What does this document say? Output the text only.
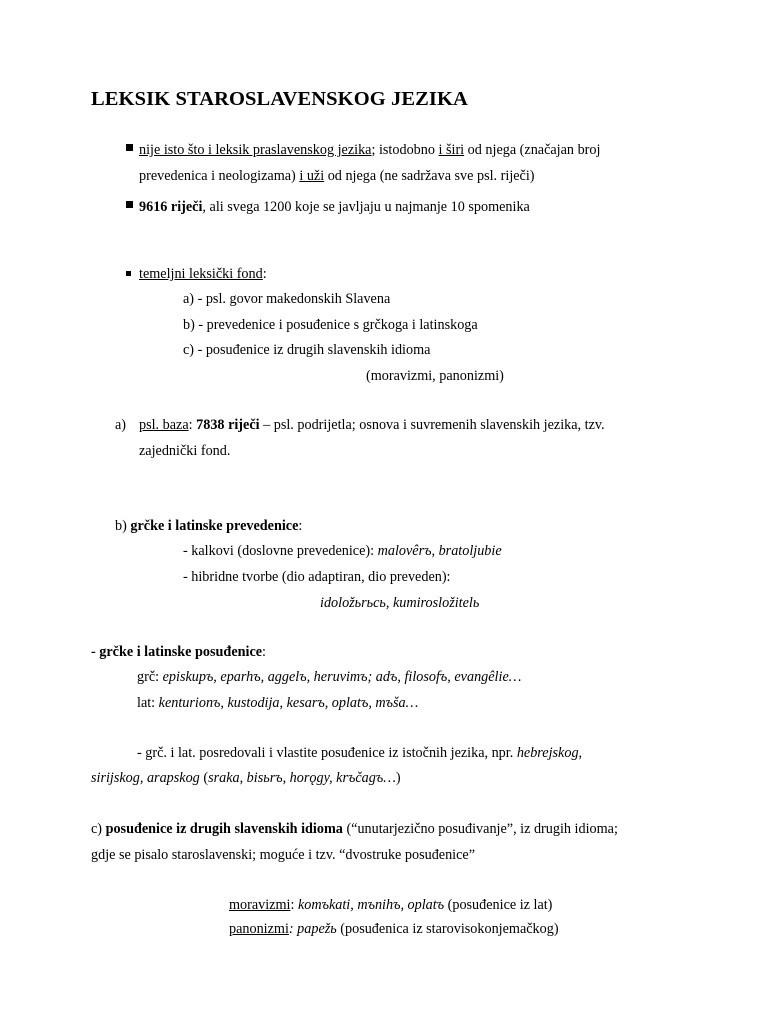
LEKSIK STAROSLAVENSKOG JEZIKA
nije isto što i leksik praslavenskog jezika; istodobno i širi od njega (značajan broj
prevedenica i neologizama) i uži od njega (ne sadržava sve psl. riječi)
9616 riječi, ali svega 1200 koje se javljaju u najmanje 10 spomenika
temeljni leksički fond:
a) - psl. govor makedonskih Slavena
b) - prevedenice i posuđenice s grčkoga i latinskoga
c) - posuđenice iz drugih slavenskih idioma
(moravizmi, panonizmi)
a) psl. baza: 7838 riječi – psl. podrijetla; osnova i suvremenih slavenskih jezika, tzv.
zajednički fond.
b) grčke i latinske prevedenice:
- kalkovi (doslovne prevedenice): malovêrъ, bratoljubie
- hibridne tvorbe (dio adaptiran, dio preveden):
idoložьrьcь, kumirosložitelь
- grčke i latinske posuđenice:
grč: episkupъ, eparhъ, aggelъ, heruvimъ; adъ, filosofъ, evangêlie…
lat: kenturionъ, kustodija, kesarъ, oplatъ, mъša…
- grč. i lat. posredovali i vlastite posuđenice iz istočnih jezika, npr. hebrejskog,
sirijskog, arapskog (sraka, bisьrъ, horǫgy, krъčagъ…)
c) posuđenice iz drugih slavenskih idioma (“unutarjezično posuđivanje”, iz drugih idioma;
gdje se pisalo staroslavenski; moguće i tzv. “dvostruke posuđenice”
moravizmi: komъkati, тъnihъ, oplatъ (posuđenice iz lat)
panonizmi: papežь (posuđenica iz starovisokonjemačkog)
